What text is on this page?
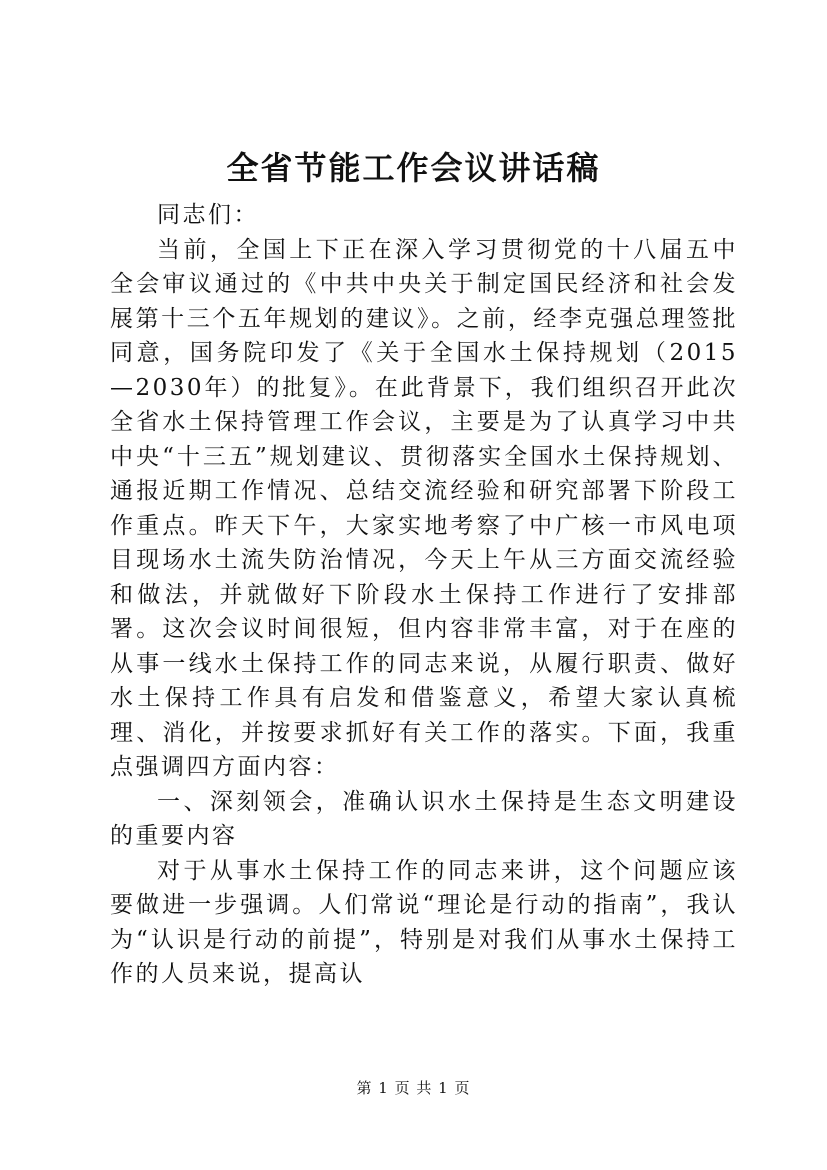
全省节能工作会议讲话稿

同志们：

当前，全国上下正在深入学习贯彻党的十八届五中全会审议通过的《中共中央关于制定国民经济和社会发展第十三个五年规划的建议》。之前，经李克强总理签批同意，国务院印发了《关于全国水土保持规划（2015—2030年）的批复》。在此背景下，我们组织召开此次全省水土保持管理工作会议，主要是为了认真学习中共中央“十三五”规划建议、贯彻落实全国水土保持规划、通报近期工作情况、总结交流经验和研究部署下阶段工作重点。昨天下午，大家实地考察了中广核一市风电项目现场水土流失防治情况，今天上午从三方面交流经验和做法，并就做好下阶段水土保持工作进行了安排部署。这次会议时间很短，但内容非常丰富，对于在座的从事一线水土保持工作的同志来说，从履行职责、做好水土保持工作具有启发和借鉴意义，希望大家认真梳理、消化，并按要求抓好有关工作的落实。下面，我重点强调四方面内容：

一、深刻领会，准确认识水土保持是生态文明建设的重要内容

对于从事水土保持工作的同志来讲，这个问题应该要做进一步强调。人们常说“理论是行动的指南”，我认为“认识是行动的前提”，特别是对我们从事水土保持工作的人员来说，提高认

第 1 页 共 1 页
